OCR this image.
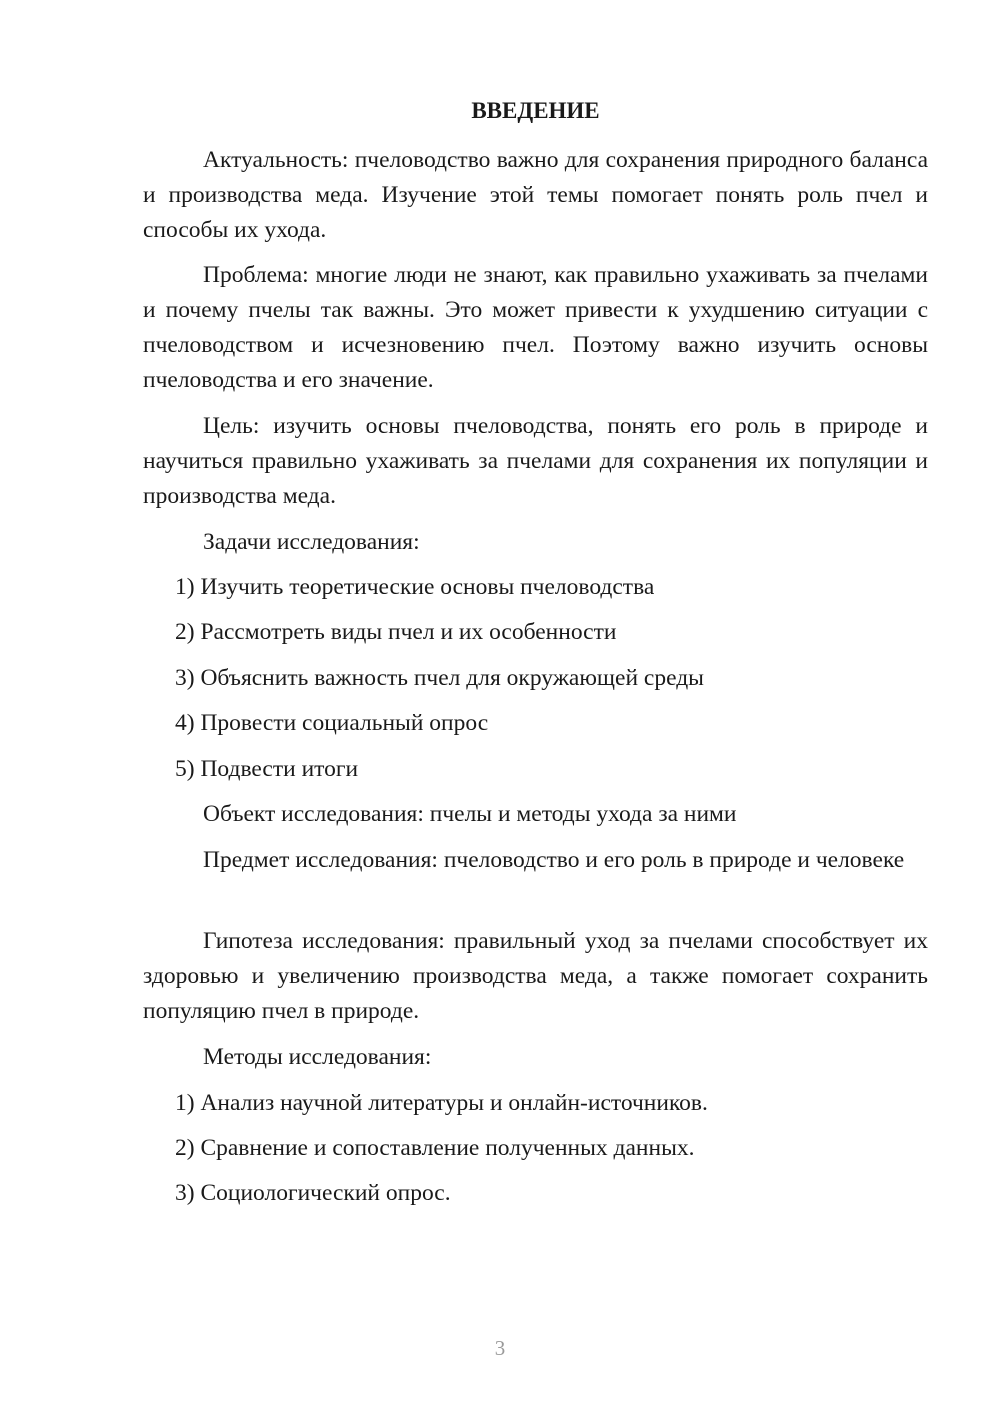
ВВЕДЕНИЕ
Актуальность: пчеловодство важно для сохранения природного баланса и производства меда. Изучение этой темы помогает понять роль пчел и способы их ухода.
Проблема: многие люди не знают, как правильно ухаживать за пчелами и почему пчелы так важны. Это может привести к ухудшению ситуации с пчеловодством и исчезновению пчел. Поэтому важно изучить основы пчеловодства и его значение.
Цель: изучить основы пчеловодства, понять его роль в природе и научиться правильно ухаживать за пчелами для сохранения их популяции и производства меда.
Задачи исследования:
1) Изучить теоретические основы пчеловодства
2) Рассмотреть виды пчел и их особенности
3) Объяснить важность пчел для окружающей среды
4) Провести социальный опрос
5) Подвести итоги
Объект исследования: пчелы и методы ухода за ними
Предмет исследования: пчеловодство и его роль в природе и человеке
Гипотеза исследования: правильный уход за пчелами способствует их здоровью и увеличению производства меда, а также помогает сохранить популяцию пчел в природе.
Методы исследования:
1) Анализ научной литературы и онлайн-источников.
2) Сравнение и сопоставление полученных данных.
3) Социологический опрос.
3
